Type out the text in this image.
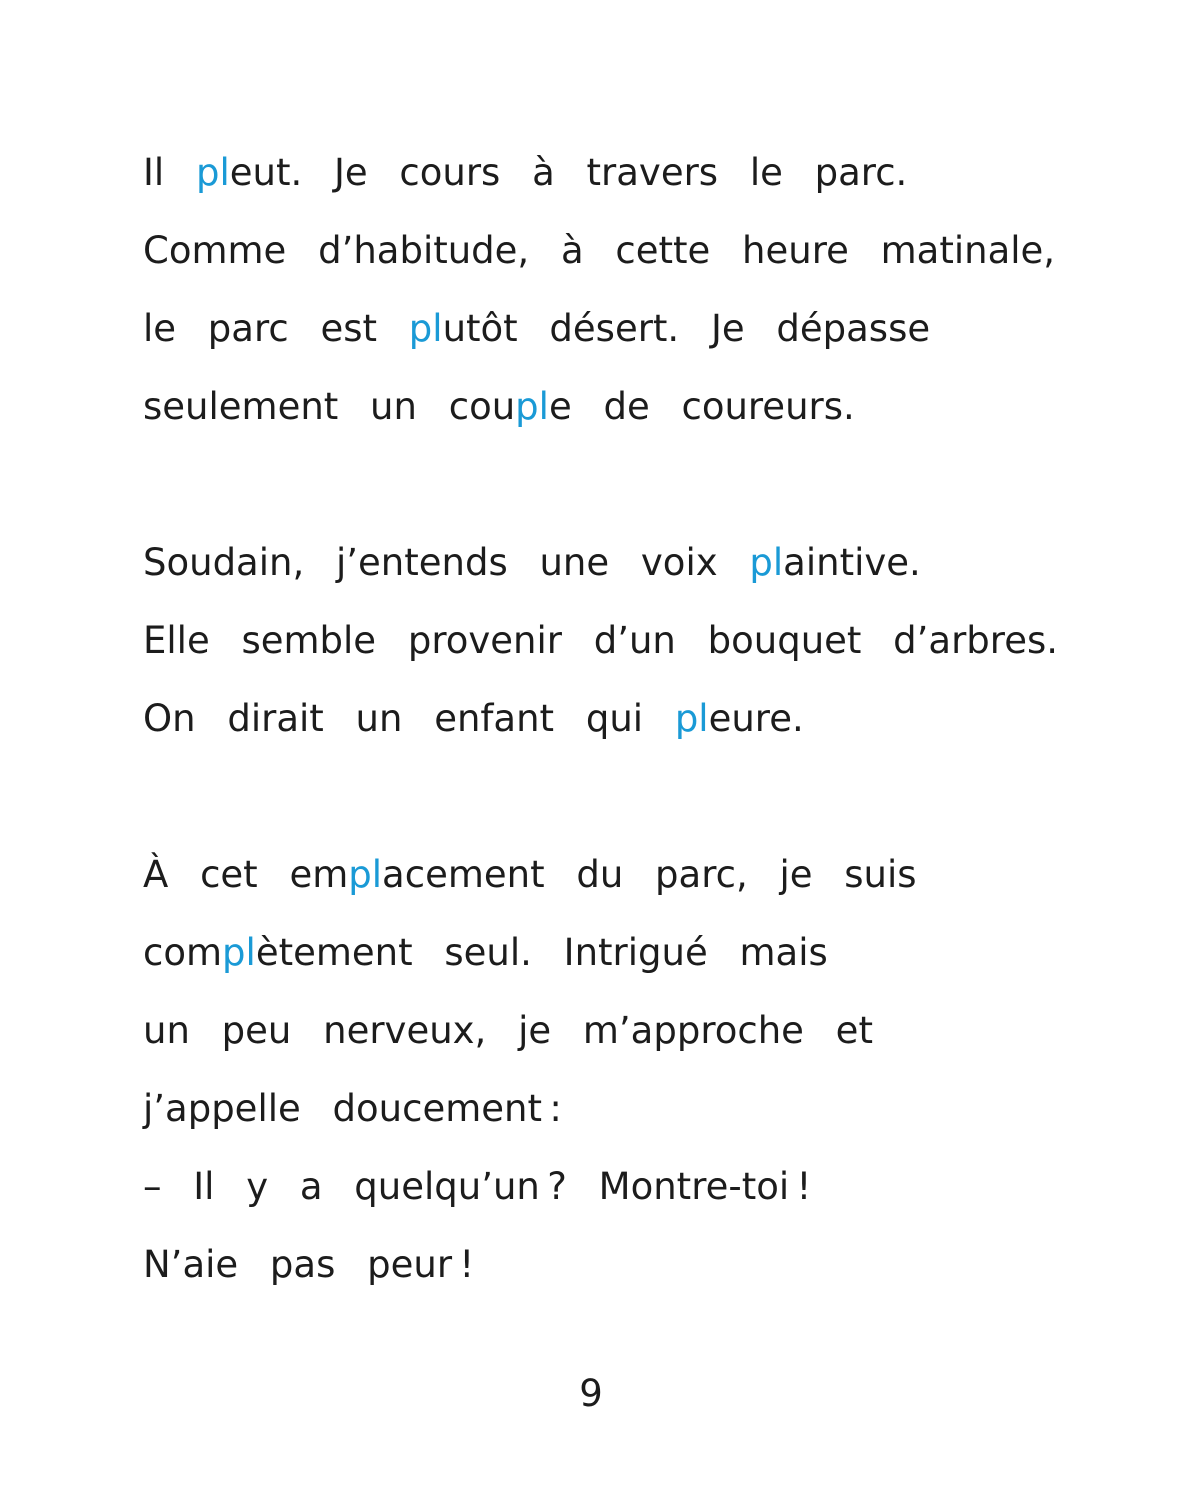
Il pleut. Je cours à travers le parc.
Comme d’habitude, à cette heure matinale,
le parc est plutôt désert. Je dépasse
seulement un couple de coureurs.
Soudain, j’entends une voix plaintive.
Elle semble provenir d’un bouquet d’arbres.
On dirait un enfant qui pleure.
À cet emplacement du parc, je suis
complètement seul. Intrigué mais
un peu nerveux, je m’approche et
j’appelle doucement :
– Il y a quelqu’un ? Montre-toi !
N’aie pas peur !
9
